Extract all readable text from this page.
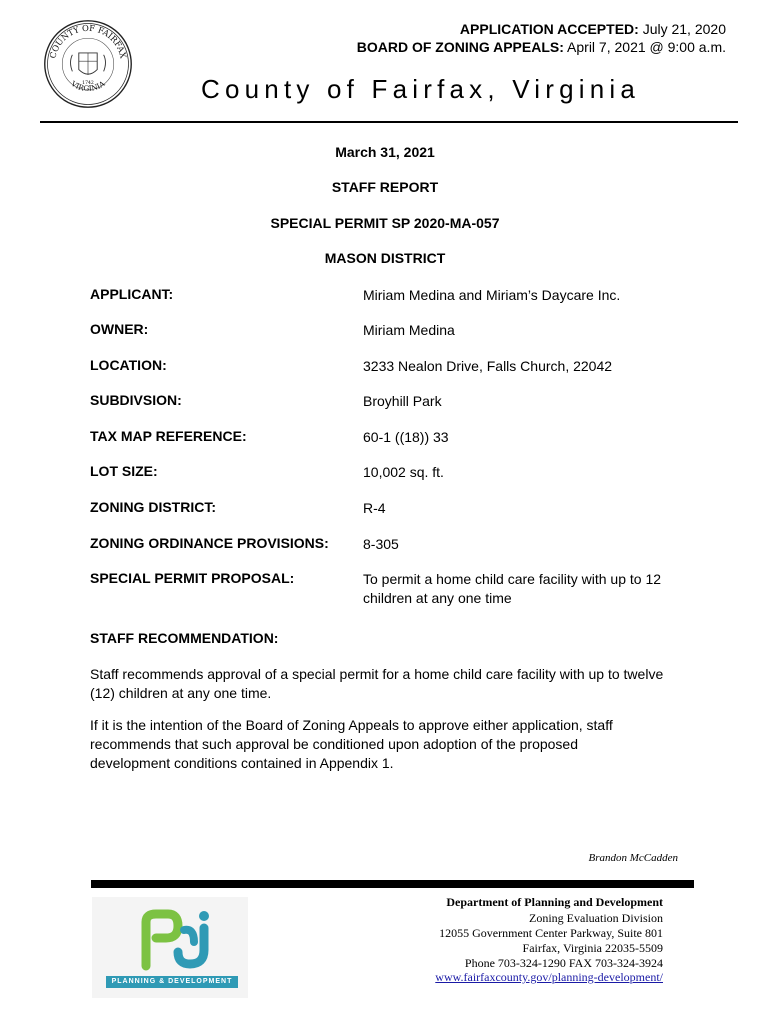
COUNTY OF FAIRFAX
VIRGINIA
1742
APPLICATION ACCEPTED: July 21, 2020
BOARD OF ZONING APPEALS: April 7, 2021 @ 9:00 a.m.
County of Fairfax, Virginia
March 31, 2021
STAFF REPORT
SPECIAL PERMIT SP 2020-MA-057
MASON DISTRICT
APPLICANT:	Miriam Medina and Miriam’s Daycare Inc.
OWNER:	Miriam Medina
LOCATION:	3233 Nealon Drive, Falls Church, 22042
SUBDIVSION:	Broyhill Park
TAX MAP REFERENCE:	60-1 ((18)) 33
LOT SIZE:	10,002 sq. ft.
ZONING DISTRICT:	R-4
ZONING ORDINANCE PROVISIONS: 8-305
SPECIAL PERMIT PROPOSAL:	To permit a home child care facility with up to 12 children at any one time
STAFF RECOMMENDATION:
Staff recommends approval of a special permit for a home child care facility with up to twelve (12) children at any one time.
If it is the intention of the Board of Zoning Appeals to approve either application, staff recommends that such approval be conditioned upon adoption of the proposed development conditions contained in Appendix 1.
Brandon McCadden
PLANNING & DEVELOPMENT
Department of Planning and Development
Zoning Evaluation Division
12055 Government Center Parkway, Suite 801
Fairfax, Virginia 22035-5509
Phone 703-324-1290 FAX 703-324-3924
www.fairfaxcounty.gov/planning-development/
